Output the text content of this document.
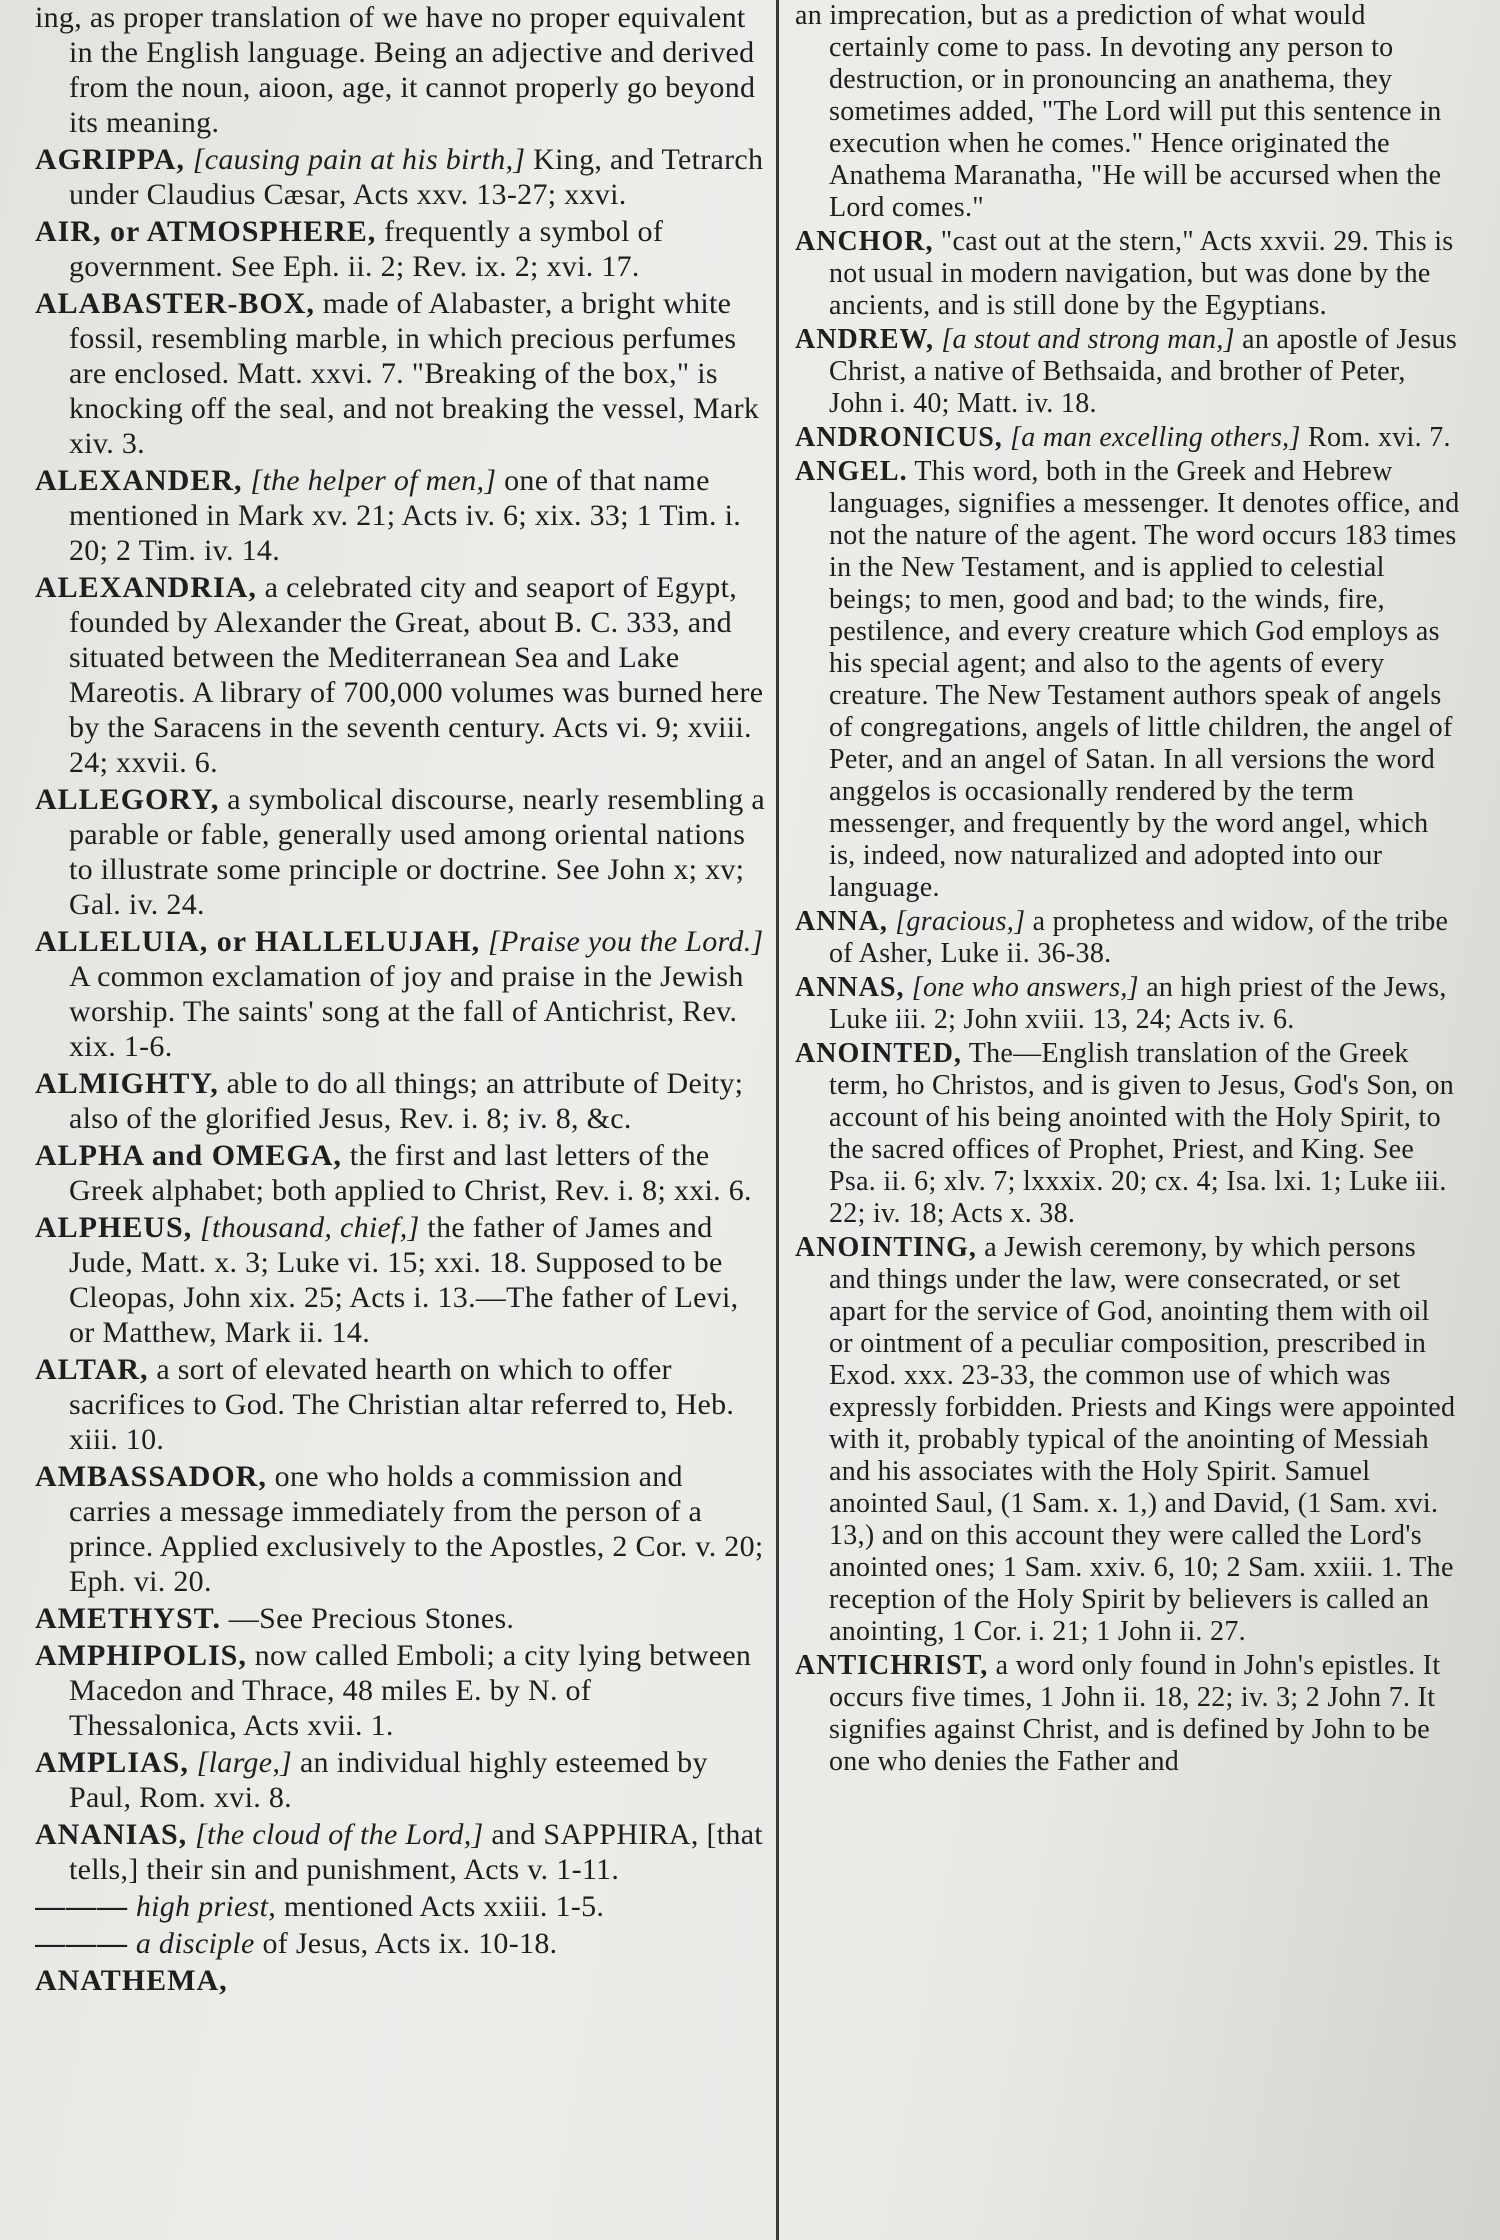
ing, as proper translation of we have no proper equivalent in the English language. Being an adjective and derived from the noun, aioon, age, it cannot properly go beyond its meaning.

AGRIPPA, [causing pain at his birth,] King, and Tetrarch under Claudius Cæsar, Acts xxv. 13-27; xxvi.

AIR, or ATMOSPHERE, frequently a symbol of government. See Eph. ii. 2; Rev. ix. 2; xvi. 17.

ALABASTER-BOX, made of Alabaster, a bright white fossil, resembling marble, in which precious perfumes are enclosed. Matt. xxvi. 7. "Breaking of the box," is knocking off the seal, and not breaking the vessel, Mark xiv. 3.

ALEXANDER, [the helper of men,] one of that name mentioned in Mark xv. 21; Acts iv. 6; xix. 33; 1 Tim. i. 20; 2 Tim. iv. 14.

ALEXANDRIA, a celebrated city and seaport of Egypt, founded by Alexander the Great, about B. C. 333, and situated between the Mediterranean Sea and Lake Mareotis. A library of 700,000 volumes was burned here by the Saracens in the seventh century. Acts vi. 9; xviii. 24; xxvii. 6.

ALLEGORY, a symbolical discourse, nearly resembling a parable or fable, generally used among oriental nations to illustrate some principle or doctrine. See John x; xv; Gal. iv. 24.

ALLELUIA, or HALLELUJAH, [Praise you the Lord.] A common exclamation of joy and praise in the Jewish worship. The saints' song at the fall of Antichrist, Rev. xix. 1-6.

ALMIGHTY, able to do all things; an attribute of Deity; also of the glorified Jesus, Rev. i. 8; iv. 8, &c.

ALPHA and OMEGA, the first and last letters of the Greek alphabet; both applied to Christ, Rev. i. 8; xxi. 6.

ALPHEUS, [thousand, chief,] the father of James and Jude, Matt. x. 3; Luke vi. 15; xxi. 18. Supposed to be Cleopas, John xix. 25; Acts i. 13.—The father of Levi, or Matthew, Mark ii. 14.

ALTAR, a sort of elevated hearth on which to offer sacrifices to God. The Christian altar referred to, Heb. xiii. 10.

AMBASSADOR, one who holds a commission and carries a message immediately from the person of a prince. Applied exclusively to the Apostles, 2 Cor. v. 20; Eph. vi. 20.

AMETHYST. —See Precious Stones.

AMPHIPOLIS, now called Emboli; a city lying between Macedon and Thrace, 48 miles E. by N. of Thessalonica, Acts xvii. 1.

AMPLIAS, [large,] an individual highly esteemed by Paul, Rom. xvi. 8.

ANANIAS, [the cloud of the Lord,] and SAPPHIRA, [that tells,] their sin and punishment, Acts v. 1-11.

——— high priest, mentioned Acts xxiii. 1-5.

——— a disciple of Jesus, Acts ix. 10-18.

ANATHEMA,

an imprecation, but as a prediction of what would certainly come to pass. In devoting any person to destruction, or in pronouncing an anathema, they sometimes added, "The Lord will put this sentence in execution when he comes." Hence originated the Anathema Maranatha, "He will be accursed when the Lord comes."

ANCHOR, "cast out at the stern," Acts xxvii. 29. This is not usual in modern navigation, but was done by the ancients, and is still done by the Egyptians.

ANDREW, [a stout and strong man,] an apostle of Jesus Christ, a native of Bethsaida, and brother of Peter, John i. 40; Matt. iv. 18.

ANDRONICUS, [a man excelling others,] Rom. xvi. 7.

ANGEL. This word, both in the Greek and Hebrew languages, signifies a messenger. It denotes office, and not the nature of the agent. The word occurs 183 times in the New Testament, and is applied to celestial beings; to men, good and bad; to the winds, fire, pestilence, and every creature which God employs as his special agent; and also to the agents of every creature. The New Testament authors speak of angels of congregations, angels of little children, the angel of Peter, and an angel of Satan. In all versions the word anggelos is occasionally rendered by the term messenger, and frequently by the word angel, which is, indeed, now naturalized and adopted into our language.

ANNA, [gracious,] a prophetess and widow, of the tribe of Asher, Luke ii. 36-38.

ANNAS, [one who answers,] an high priest of the Jews, Luke iii. 2; John xviii. 13, 24; Acts iv. 6.

ANOINTED, The—English translation of the Greek term, ho Christos, and is given to Jesus, God's Son, on account of his being anointed with the Holy Spirit, to the sacred offices of Prophet, Priest, and King. See Psa. ii. 6; xlv. 7; lxxxix. 20; cx. 4; Isa. lxi. 1; Luke iii. 22; iv. 18; Acts x. 38.

ANOINTING, a Jewish ceremony, by which persons and things under the law, were consecrated, or set apart for the service of God, anointing them with oil or ointment of a peculiar composition, prescribed in Exod. xxx. 23-33, the common use of which was expressly forbidden. Priests and Kings were appointed with it, probably typical of the anointing of Messiah and his associates with the Holy Spirit. Samuel anointed Saul, (1 Sam. x. 1,) and David, (1 Sam. xvi. 13,) and on this account they were called the Lord's anointed ones; 1 Sam. xxiv. 6, 10; 2 Sam. xxiii. 1. The reception of the Holy Spirit by believers is called an anointing, 1 Cor. i. 21; 1 John ii. 27.

ANTICHRIST, a word only found in John's epistles. It occurs five times, 1 John ii. 18, 22; iv. 3; 2 John 7. It signifies against Christ, and is defined by John to be one who denies the Father and
